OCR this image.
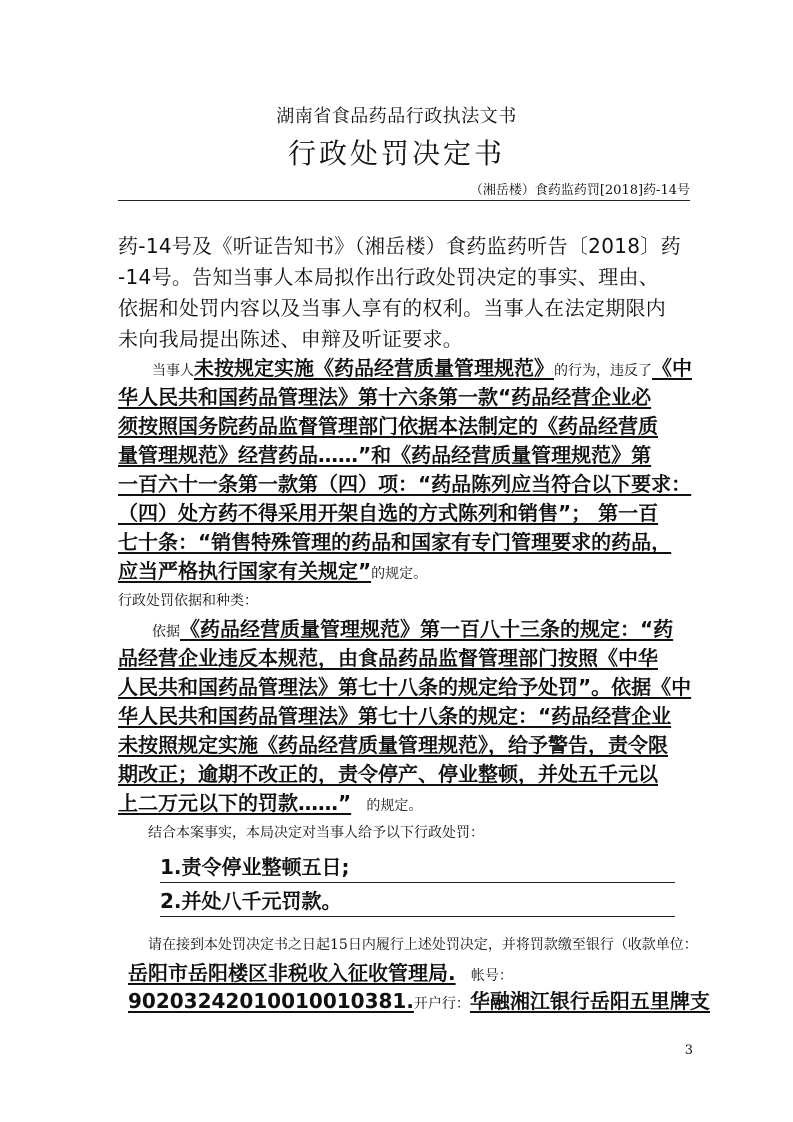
湖南省食品药品行政执法文书
行政处罚决定书
（湘岳楼）食药监药罚[2018]药-14号
药-14号及《听证告知书》（湘岳楼）食药监药听告〔2018〕药
-14号。告知当事人本局拟作出行政处罚决定的事实、理由、
依据和处罚内容以及当事人享有的权利。当事人在法定期限内
未向我局提出陈述、申辩及听证要求。
当事人未按规定实施《药品经营质量管理规范》的行为，违反了《中
华人民共和国药品管理法》第十六条第一款“药品经营企业必
须按照国务院药品监督管理部门依据本法制定的《药品经营质
量管理规范》经营药品……”和《药品经营质量管理规范》第
一百六十一条第一款第（四）项：“药品陈列应当符合以下要求：
（四）处方药不得采用开架自选的方式陈列和销售”； 第一百
七十条：“销售特殊管理的药品和国家有专门管理要求的药品，
应当严格执行国家有关规定”的规定。
行政处罚依据和种类：
依据《药品经营质量管理规范》第一百八十三条的规定：“药
品经营企业违反本规范，由食品药品监督管理部门按照《中华
人民共和国药品管理法》第七十八条的规定给予处罚”。依据《中
华人民共和国药品管理法》第七十八条的规定：“药品经营企业
未按照规定实施《药品经营质量管理规范》，给予警告，责令限
期改正；逾期不改正的，责令停产、停业整顿，并处五千元以
上二万元以下的罚款……” 的规定。
结合本案事实，本局决定对当事人给予以下行政处罚：
1.责令停业整顿五日;
2.并处八千元罚款。
请在接到本处罚决定书之日起15日内履行上述处罚决定，并将罚款缴至银行（收款单位：
岳阳市岳阳楼区非税收入征收管理局. 帐号：
90203242010010010381.开户行：华融湘江银行岳阳五里牌支
3
